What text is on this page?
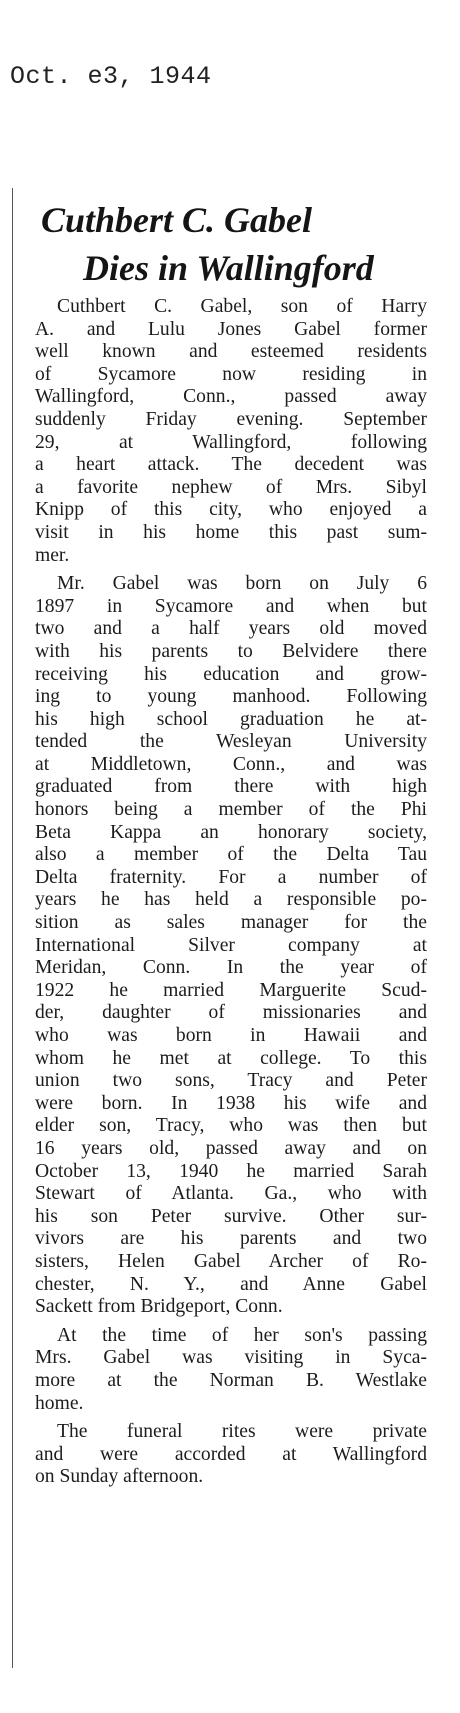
Oct. e3, 1944
Cuthbert C. Gabel
Dies in Wallingford

Cuthbert C. Gabel, son of Harry
A. and Lulu Jones Gabel former
well known and esteemed residents
of Sycamore now residing in
Wallingford, Conn., passed away
suddenly Friday evening. September
29, at Wallingford, following
a heart attack. The decedent was
a favorite nephew of Mrs. Sibyl
Knipp of this city, who enjoyed a
visit in his home this past sum-
mer.

Mr. Gabel was born on July 6
1897 in Sycamore and when but
two and a half years old moved
with his parents to Belvidere there
receiving his education and grow-
ing to young manhood. Following
his high school graduation he at-
tended the Wesleyan University
at Middletown, Conn., and was
graduated from there with high
honors being a member of the Phi
Beta Kappa an honorary society,
also a member of the Delta Tau
Delta fraternity. For a number of
years he has held a responsible po-
sition as sales manager for the
International Silver company at
Meridan, Conn. In the year of
1922 he married Marguerite Scud-
der, daughter of missionaries and
who was born in Hawaii and
whom he met at college. To this
union two sons, Tracy and Peter
were born. In 1938 his wife and
elder son, Tracy, who was then but
16 years old, passed away and on
October 13, 1940 he married Sarah
Stewart of Atlanta. Ga., who with
his son Peter survive. Other sur-
vivors are his parents and two
sisters, Helen Gabel Archer of Ro-
chester, N. Y., and Anne Gabel
Sackett from Bridgeport, Conn.

At the time of her son's passing
Mrs. Gabel was visiting in Syca-
more at the Norman B. Westlake
home.

The funeral rites were private
and were accorded at Wallingford
on Sunday afternoon.
